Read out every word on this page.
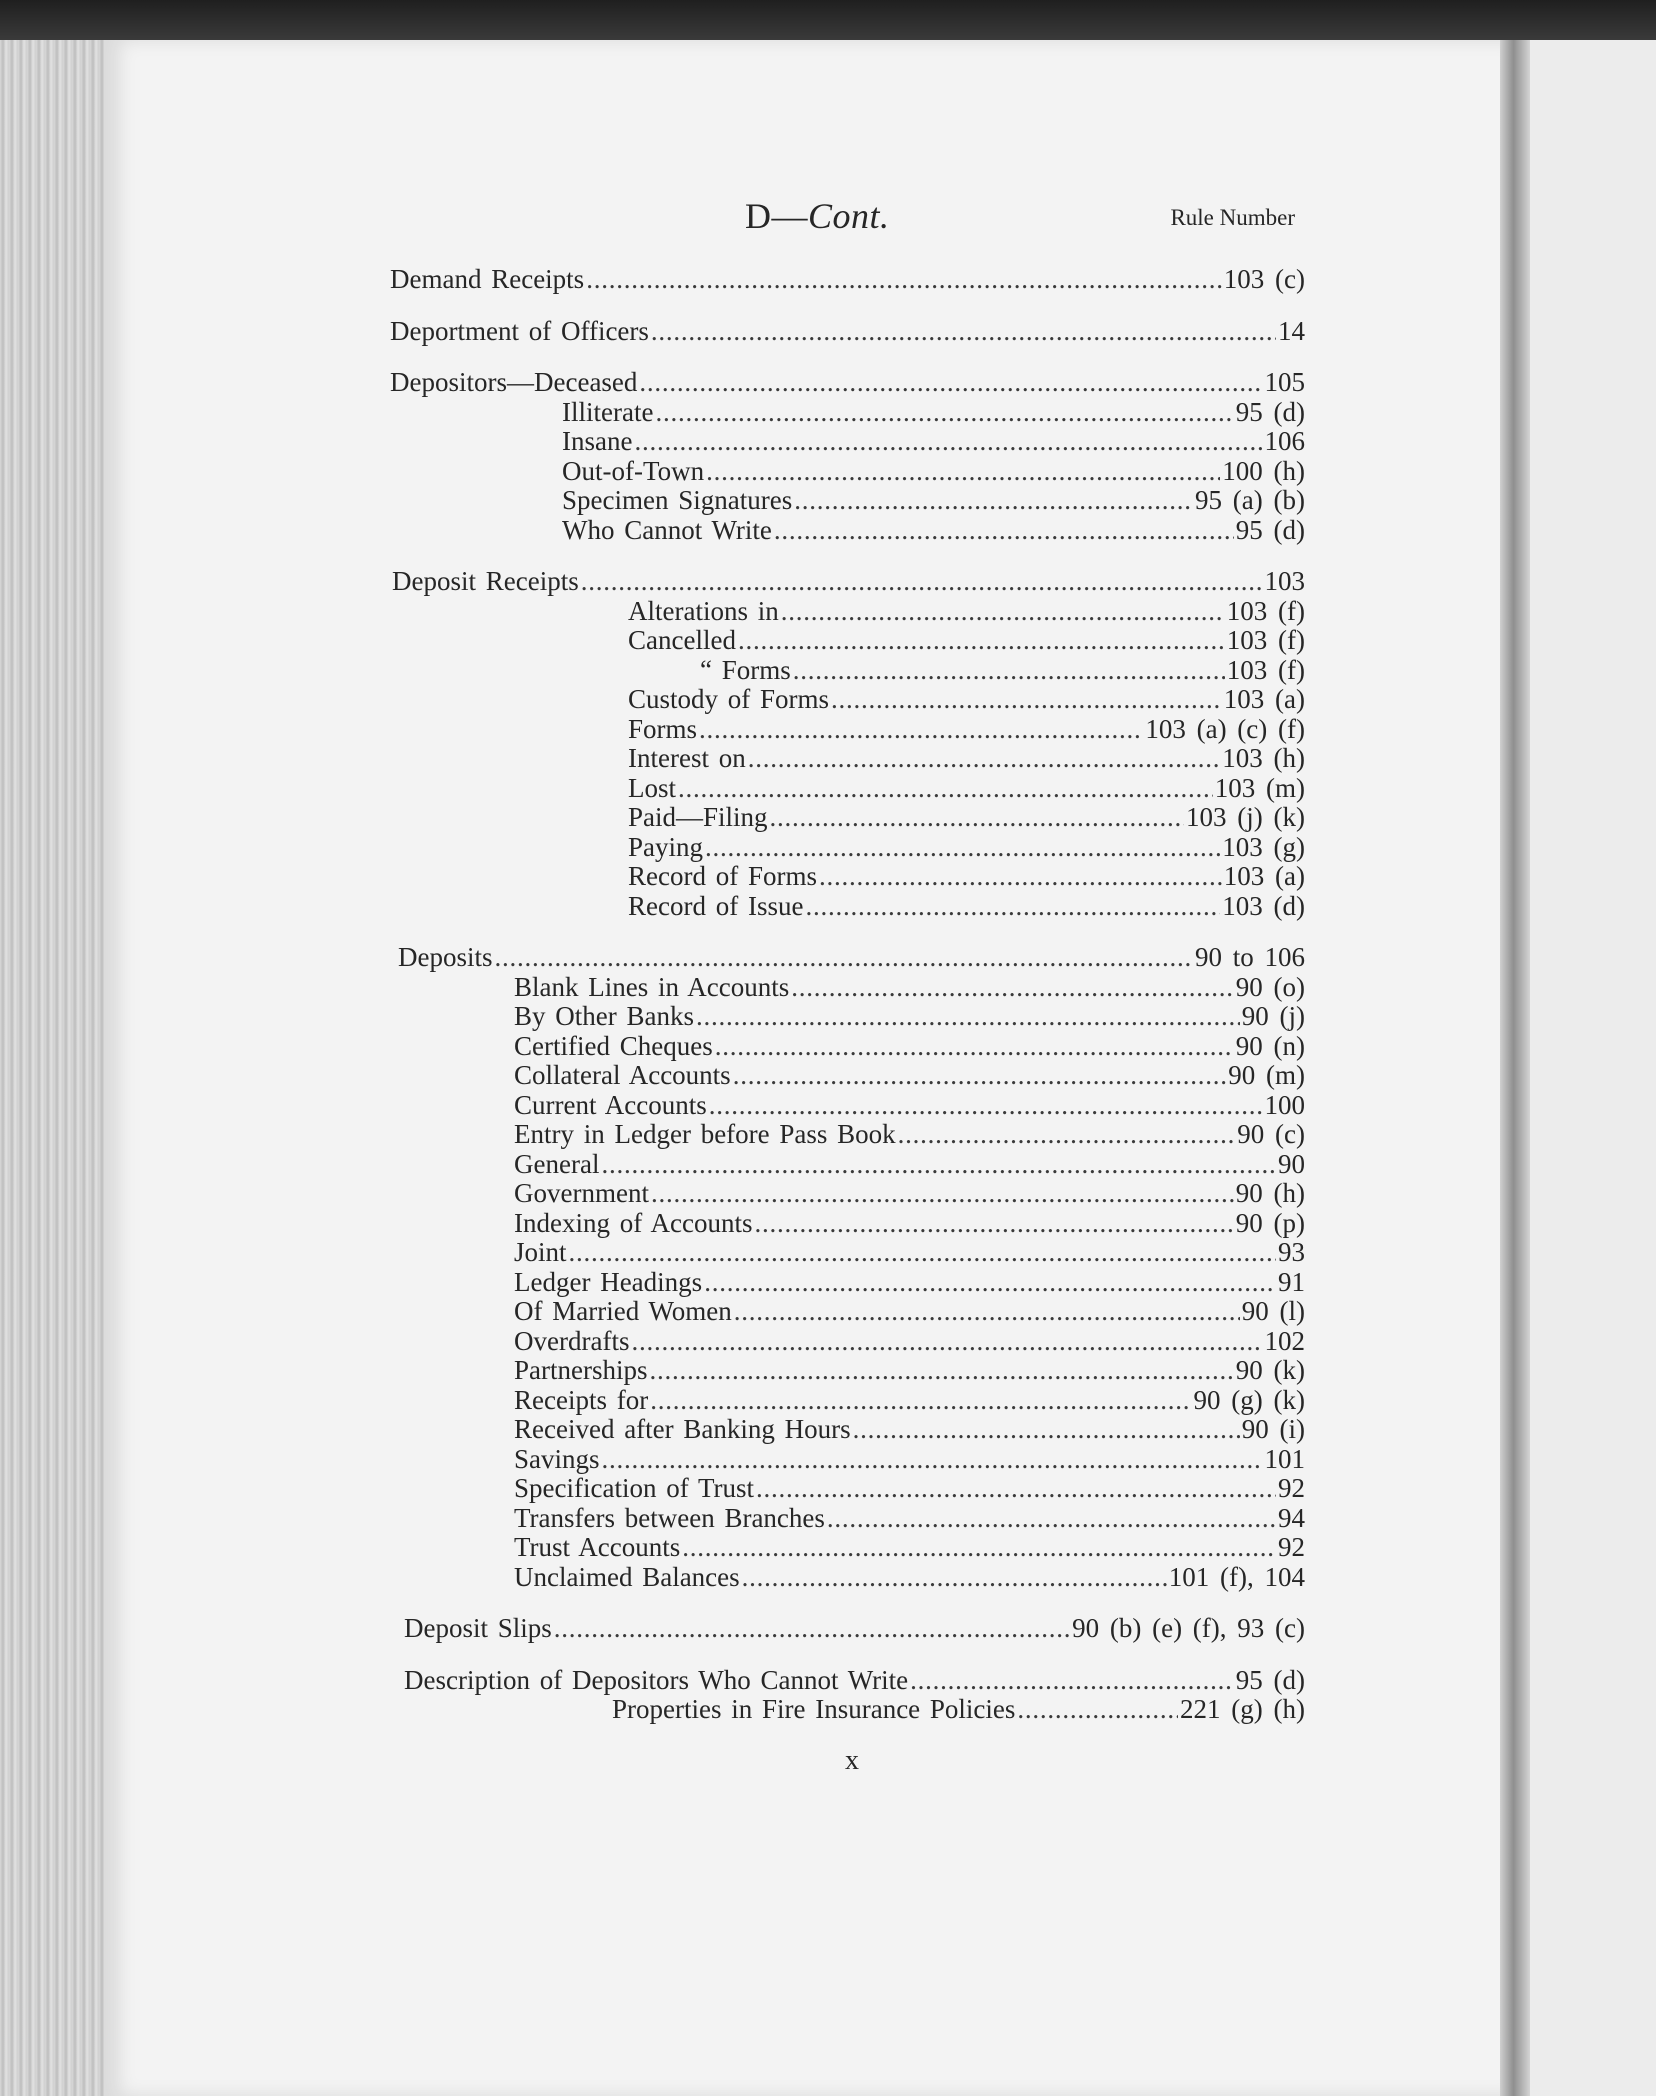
D—Cont.	Rule Number
Demand Receipts . . .	103 (c)
Deportment of Officers . . .	14
Depositors—Deceased . . .	105
Illiterate . . .	95 (d)
Insane . . .	106
Out-of-Town . . .	100 (h)
Specimen Signatures . . .	95 (a) (b)
Who Cannot Write . . .	95 (d)
Deposit Receipts . . .	103
Alterations in . . .	103 (f)
Cancelled . . .	103 (f)
“ Forms . . .	103 (f)
Custody of Forms . . .	103 (a)
Forms . . .	103 (a) (c) (f)
Interest on . . .	103 (h)
Lost . . .	103 (m)
Paid—Filing . . .	103 (j) (k)
Paying . . .	103 (g)
Record of Forms . . .	103 (a)
Record of Issue . . .	103 (d)
Deposits . . .	90 to 106
Blank Lines in Accounts . . .	90 (o)
By Other Banks . . .	90 (j)
Certified Cheques . . .	90 (n)
Collateral Accounts . . .	90 (m)
Current Accounts . . .	100
Entry in Ledger before Pass Book . . .	90 (c)
General . . .	90
Government . . .	90 (h)
Indexing of Accounts . . .	90 (p)
Joint . . .	93
Ledger Headings . . .	91
Of Married Women . . .	90 (l)
Overdrafts . . .	102
Partnerships . . .	90 (k)
Receipts for . . .	90 (g) (k)
Received after Banking Hours . . .	90 (i)
Savings . . .	101
Specification of Trust . . .	92
Transfers between Branches . . .	94
Trust Accounts . . .	92
Unclaimed Balances . . .	101 (f), 104
Deposit Slips . . .	90 (b) (e) (f), 93 (c)
Description of Depositors Who Cannot Write . . .	95 (d)
Properties in Fire Insurance Policies . . .	221 (g) (h)
x
